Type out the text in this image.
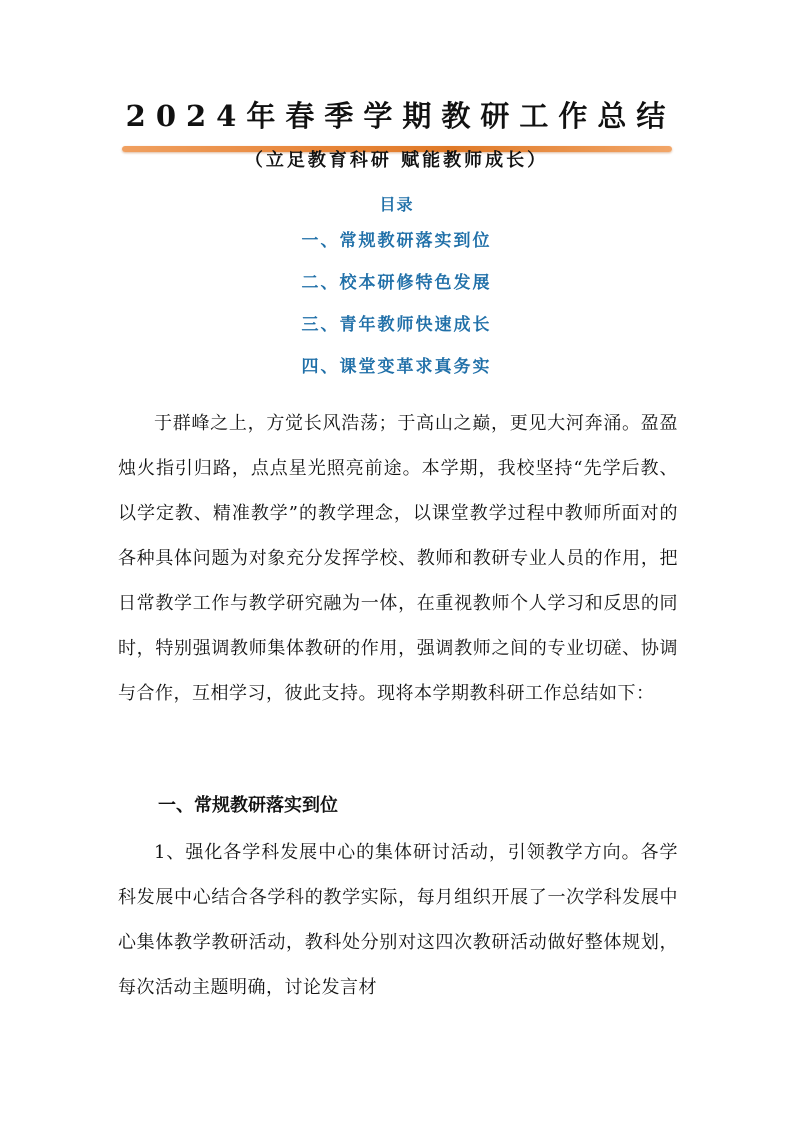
2024年春季学期教研工作总结
（立足教育科研 赋能教师成长）
目录
一、常规教研落实到位
二、校本研修特色发展
三、青年教师快速成长
四、课堂变革求真务实

于群峰之上，方觉长风浩荡；于高山之巅，更见大河奔涌。盈盈烛火指引归路，点点星光照亮前途。本学期，我校坚持“先学后教、以学定教、精准教学”的教学理念，以课堂教学过程中教师所面对的各种具体问题为对象充分发挥学校、教师和教研专业人员的作用，把日常教学工作与教学研究融为一体，在重视教师个人学习和反思的同时，特别强调教师集体教研的作用，强调教师之间的专业切磋、协调与合作，互相学习，彼此支持。现将本学期教科研工作总结如下：

一、常规教研落实到位

1、强化各学科发展中心的集体研讨活动，引领教学方向。各学科发展中心结合各学科的教学实际，每月组织开展了一次学科发展中心集体教学教研活动，教科处分别对这四次教研活动做好整体规划，每次活动主题明确，讨论发言材
